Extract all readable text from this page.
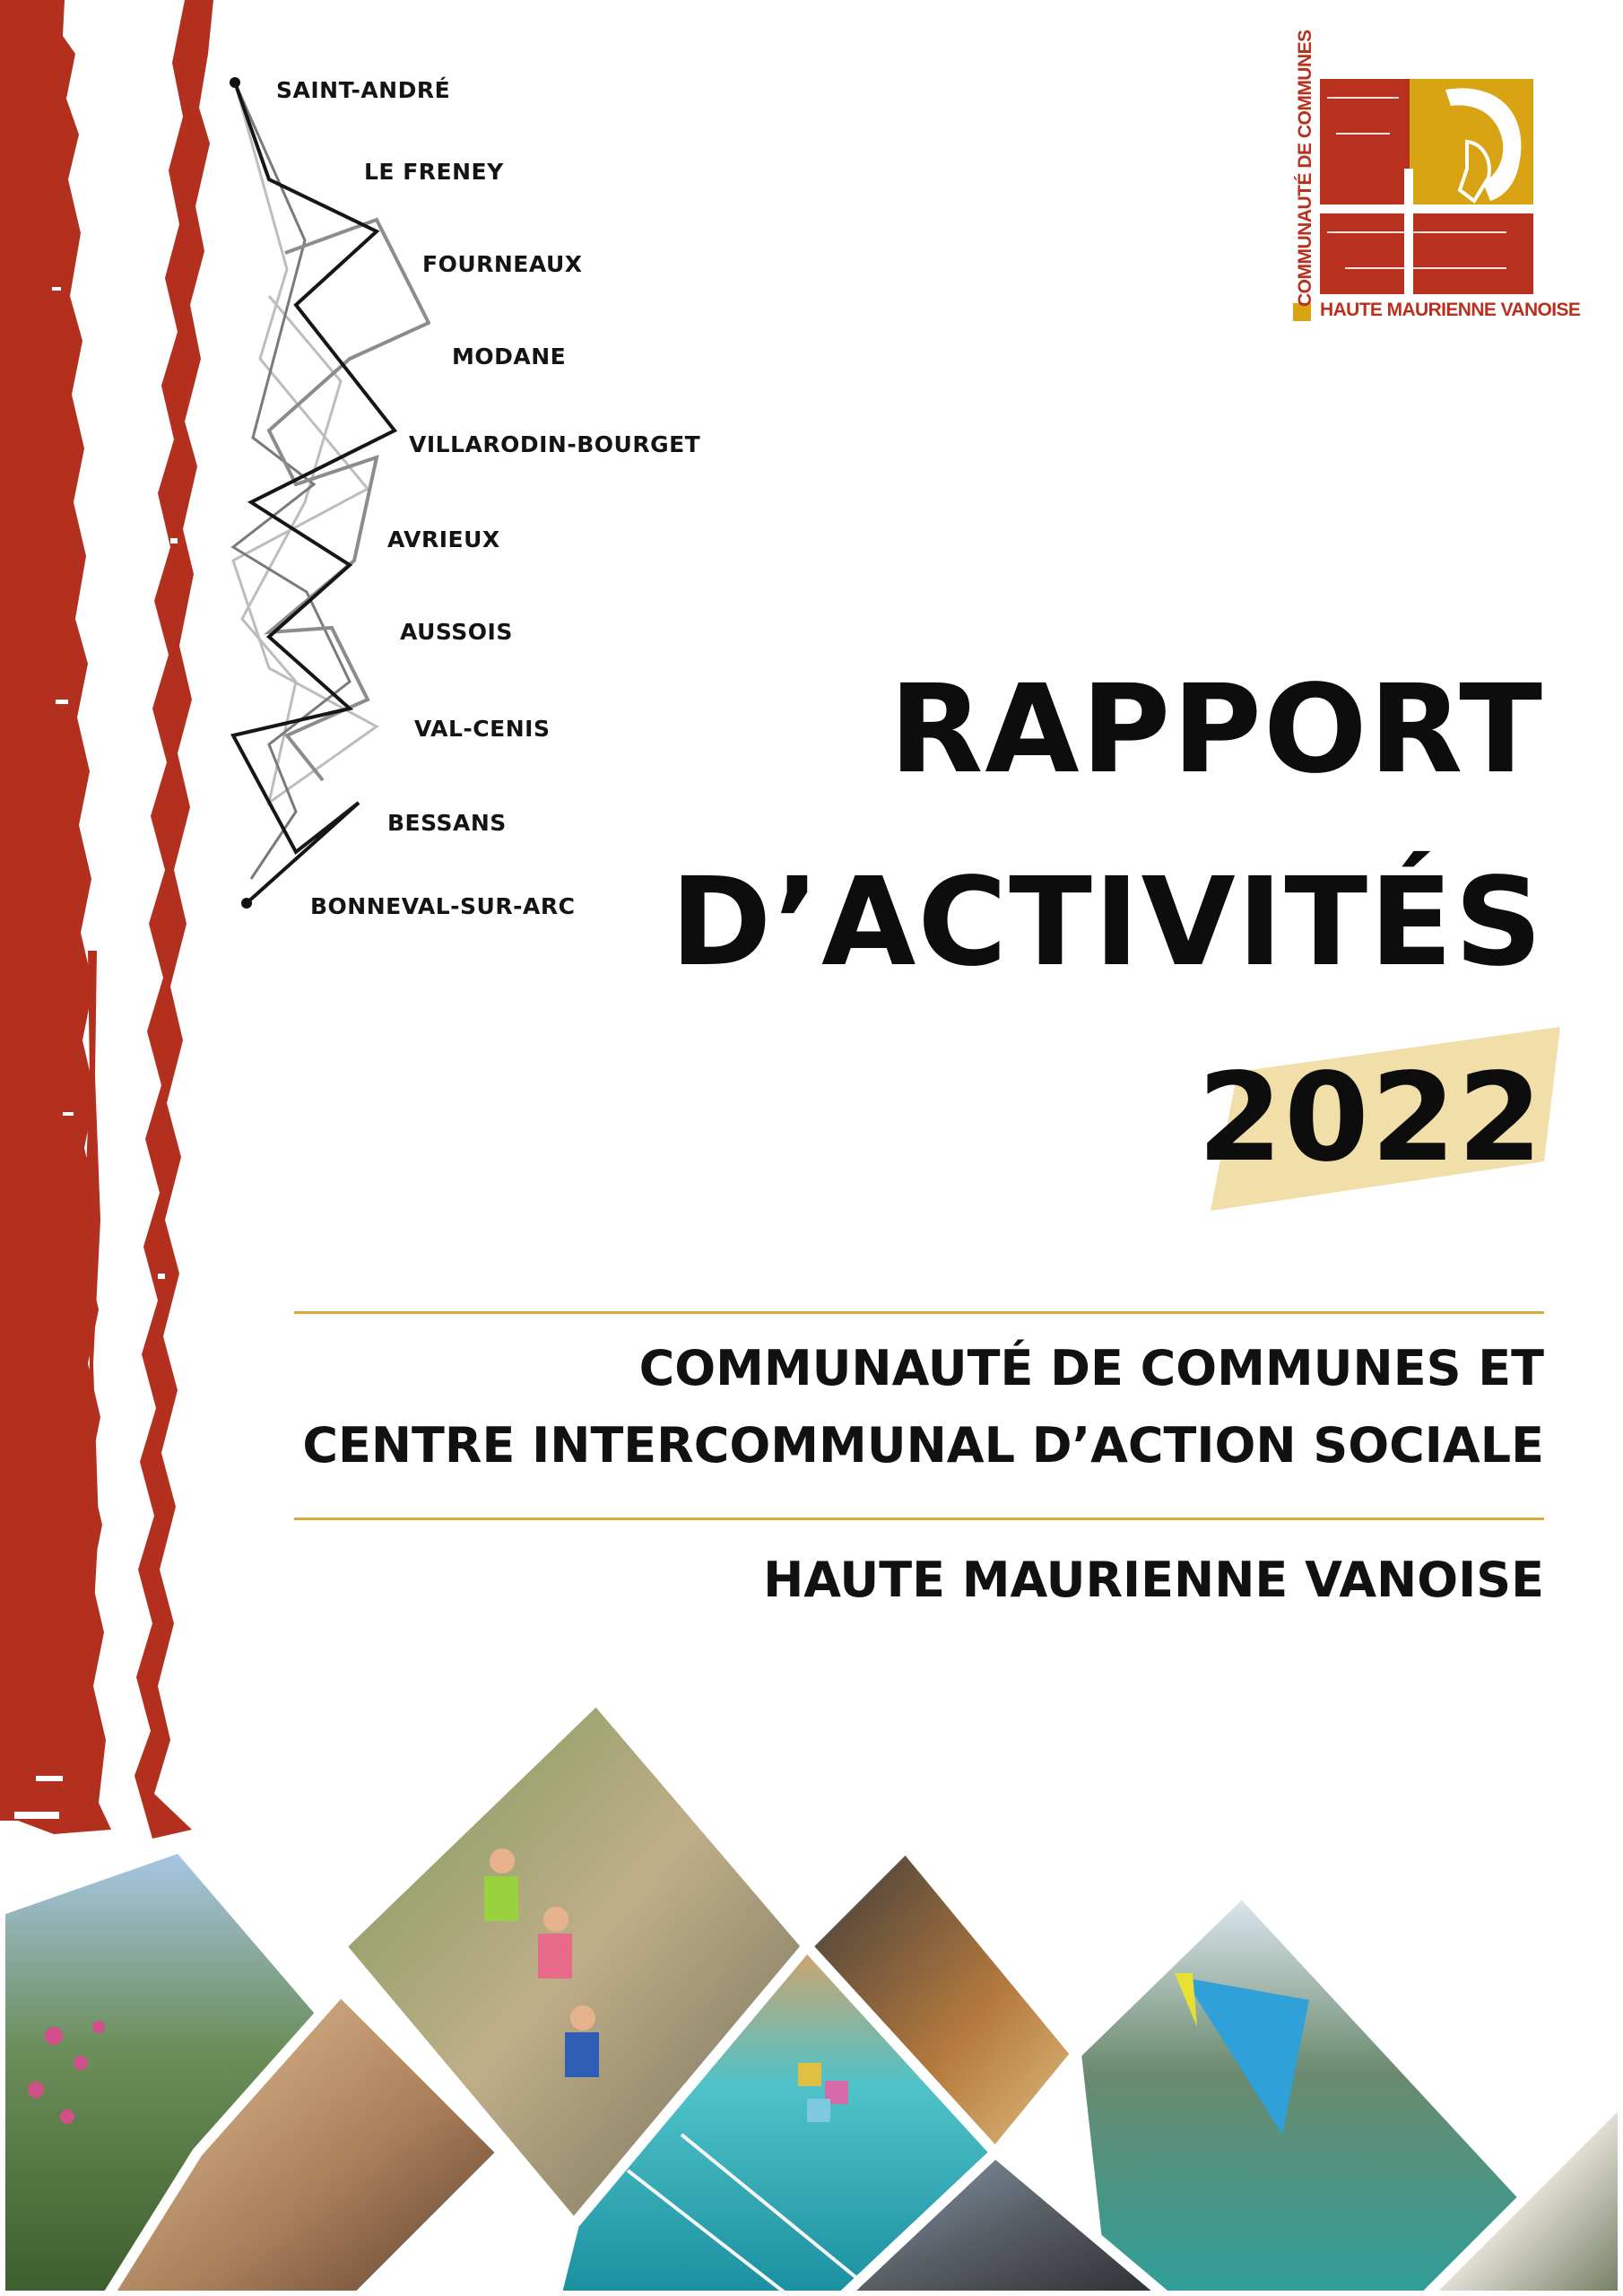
SAINT-ANDRÉ
LE FRENEY
FOURNEAUX
MODANE
VILLARODIN-BOURGET
AVRIEUX
AUSSOIS
VAL-CENIS
BESSANS
BONNEVAL-SUR-ARC
COMMUNAUTÉ DE COMMUNES
HAUTE MAURIENNE VANOISE
RAPPORT
D’ACTIVITÉS
2022
COMMUNAUTÉ DE COMMUNES ET
CENTRE INTERCOMMUNAL D’ACTION SOCIALE
HAUTE MAURIENNE VANOISE
